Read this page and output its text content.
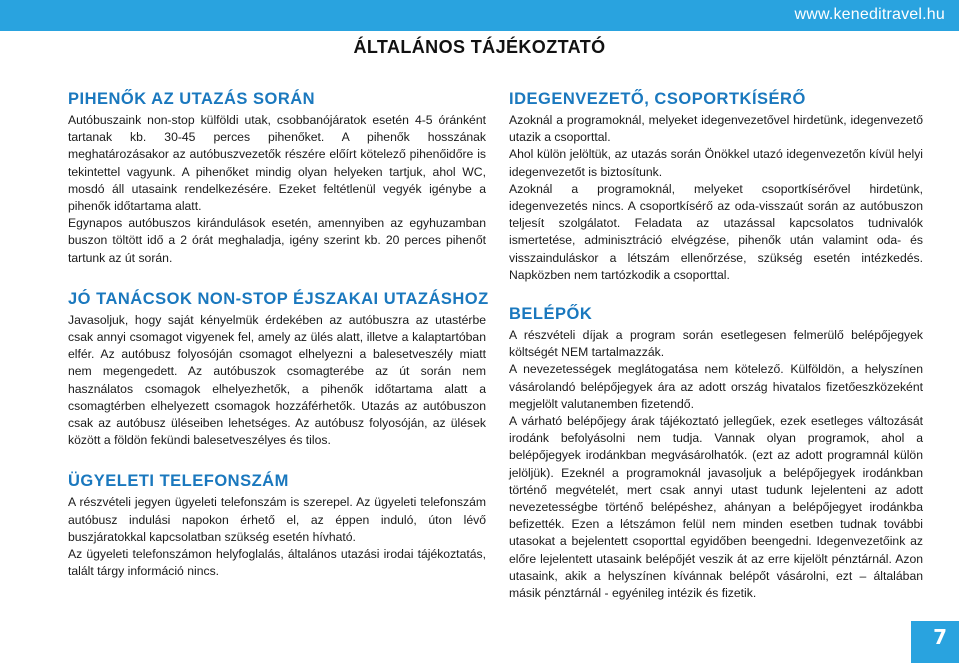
www.keneditravel.hu
ÁLTALÁNOS TÁJÉKOZTATÓ
PIHENŐK AZ UTAZÁS SORÁN

Autóbuszaink non-stop külföldi utak, csobbanójáratok esetén 4-5 óránként tartanak kb. 30-45 perces pihenőket. A pihenők hosszának meghatározásakor az autóbuszvezetők részére előírt kötelező pihenőidőre is tekintettel vagyunk. A pihenőket mindig olyan helyeken tartjuk, ahol WC, mosdó áll utasaink rendelkezésére. Ezeket feltétlenül vegyék igénybe a pihenők időtartama alatt.

Egynapos autóbuszos kirándulások esetén, amennyiben az egyhuzamban buszon töltött idő a 2 órát meghaladja, igény szerint kb. 20 perces pihenőt tartunk az út során.

JÓ TANÁCSOK NON-STOP ÉJSZAKAI UTAZÁSHOZ

Javasoljuk, hogy saját kényelmük érdekében az autóbuszra az utastérbe csak annyi csomagot vigyenek fel, amely az ülés alatt, illetve a kalaptartóban elfér. Az autóbusz folyosóján csomagot elhelyezni a balesetveszély miatt nem megengedett. Az autóbuszok csomagterébe az út során nem használatos csomagok elhelyezhetők, a pihenők időtartama alatt a csomagtérben elhelyezett csomagok hozzáférhetők. Utazás az autóbuszon csak az autóbusz üléseiben lehetséges. Az autóbusz folyosóján, az ülések között a földön fekündi balesetveszélyes és tilos.

ÜGYELETI TELEFONSZÁM

A részvételi jegyen ügyeleti telefonszám is szerepel. Az ügyeleti telefonszám autóbusz indulási napokon érhető el, az éppen induló, úton lévő buszjáratokkal kapcsolatban szükség esetén hívható.

Az ügyeleti telefonszámon helyfoglalás, általános utazási irodai tájékoztatás, talált tárgy információ nincs.

IDEGENVEZETŐ, CSOPORTKÍSÉRŐ

Azoknál a programoknál, melyeket idegenvezetővel hirdetünk, idegenvezető utazik a csoporttal.

Ahol külön jelöltük, az utazás során Önökkel utazó idegenvezetőn kívül helyi idegenvezetőt is biztosítunk.

Azoknál a programoknál, melyeket csoportkísérővel hirdetünk, idegenvezetés nincs. A csoportkísérő az oda-visszaút során az autóbuszon teljesít szolgálatot. Feladata az utazással kapcsolatos tudnivalók ismertetése, adminisztráció elvégzése, pihenők után valamint oda- és visszainduláskor a létszám ellenőrzése, szükség esetén intézkedés. Napközben nem tartózkodik a csoporttal.

BELÉPŐK

A részvételi díjak a program során esetlegesen felmerülő belépőjegyek költségét NEM tartalmazzák.

A nevezetességek meglátogatása nem kötelező. Külföldön, a helyszínen vásárolandó belépőjegyek ára az adott ország hivatalos fizetőeszközeként megjelölt valutanemben fizetendő.

A várható belépőjegy árak tájékoztató jellegűek, ezek esetleges változását irodánk befolyásolni nem tudja. Vannak olyan programok, ahol a belépőjegyek irodánkban megvásárolhatók. (ezt az adott programnál külön jelöljük). Ezeknél a programoknál javasoljuk a belépőjegyek irodánkban történő megvételét, mert csak annyi utast tudunk lejelenteni az adott nevezetességbe történő belépéshez, ahányan a belépőjegyet irodánkba befizették. Ezen a létszámon felül nem minden esetben tudnak további utasokat a bejelentett csoporttal egyidőben beengedni. Idegenvezetőink az előre lejelentett utasaink belépőjét veszik át az erre kijelölt pénztárnál. Azon utasaink, akik a helyszínen kívánnak belépőt vásárolni, ezt – általában másik pénztárnál - egyénileg intézik és fizetik.

7
